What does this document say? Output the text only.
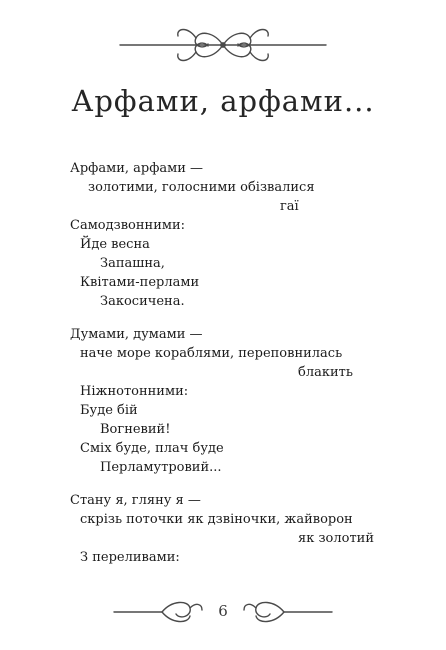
Арфами, арфами...
Арфами, арфами —
золотими, голосними обізвалися
гаї
Самодзвонними:
Йде весна
Запашна,
Квітами-перлами
Закосичена.
Думами, думами —
наче море кораблями, переповнилась
блакить
Ніжнотонними:
Буде бій
Вогневий!
Сміх буде, плач буде
Перламутровий...
Стану я, гляну я —
скрізь поточки як дзвіночки, жайворон
як золотий
З переливами:
6
